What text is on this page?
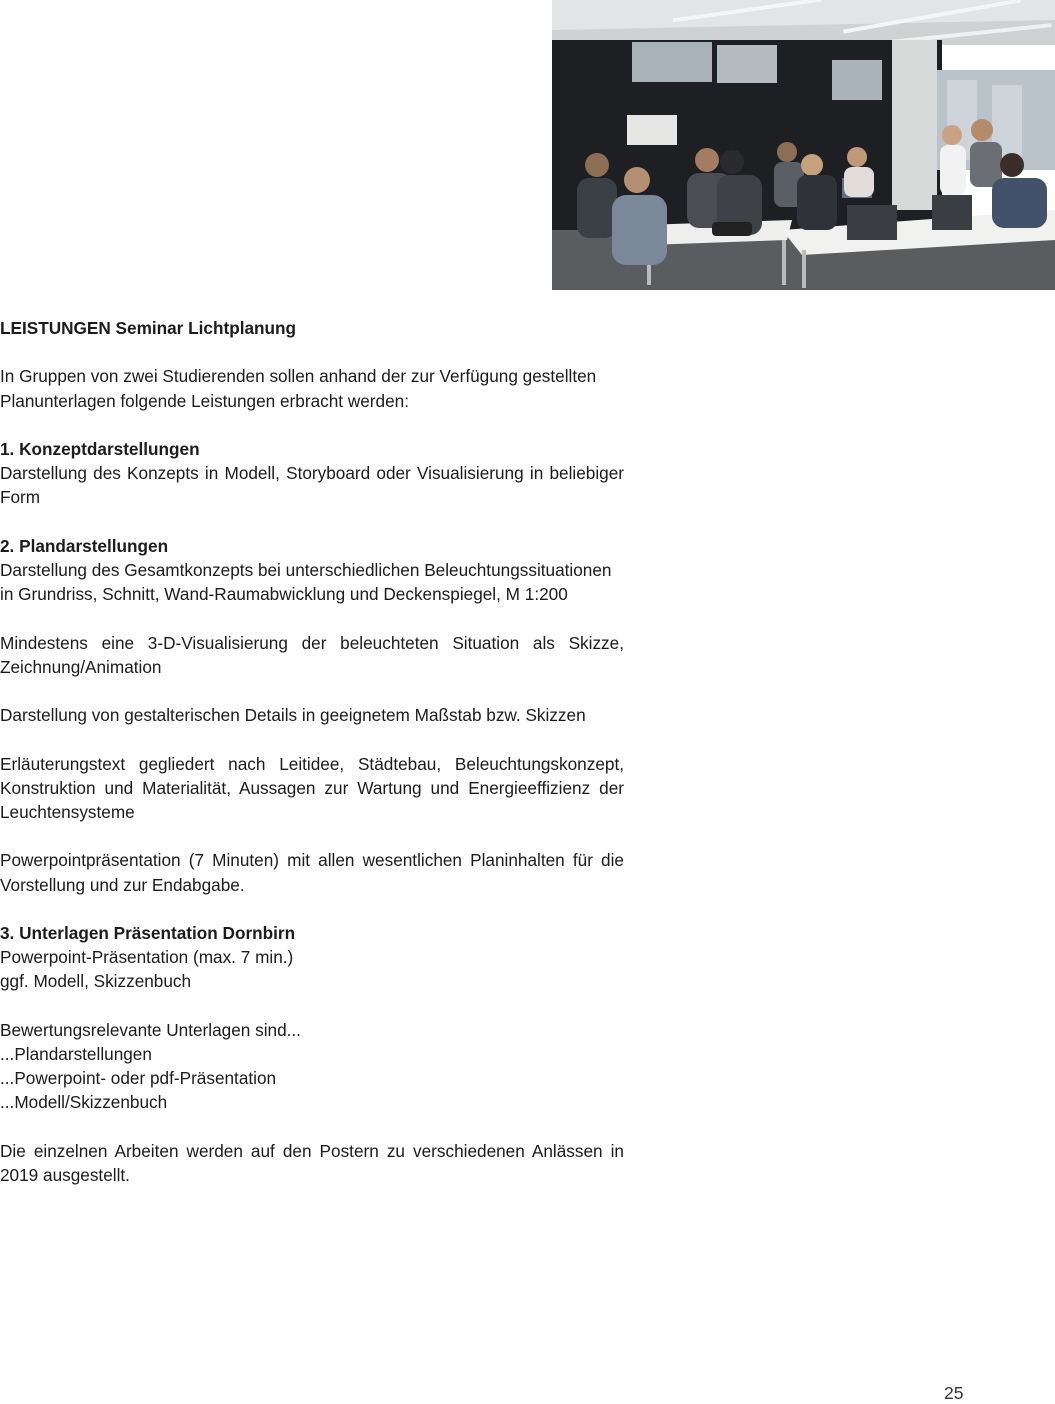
LEISTUNGEN Seminar Lichtplanung

In Gruppen von zwei Studierenden sollen anhand der zur Verfügung gestellten Planunterlagen folgende Leistungen erbracht werden:

1. Konzeptdarstellungen
Darstellung des Konzepts in Modell, Storyboard oder Visualisierung in beliebiger Form

2. Plandarstellungen
Darstellung des Gesamtkonzepts bei unterschiedlichen Beleuchtungssituationen in Grundriss, Schnitt, Wand-Raumabwicklung und Deckenspiegel, M 1:200

Mindestens eine 3-D-Visualisierung der beleuchteten Situation als Skizze, Zeichnung/Animation

Darstellung von gestalterischen Details in geeignetem Maßstab bzw. Skizzen

Erläuterungstext gegliedert nach Leitidee, Städtebau, Beleuchtungskonzept, Konstruktion und Materialität, Aussagen zur Wartung und Energieeffizienz der Leuchtensysteme

Powerpointpräsentation (7 Minuten) mit allen wesentlichen Planinhalten für die Vorstellung und zur Endabgabe.

3. Unterlagen Präsentation Dornbirn
Powerpoint-Präsentation (max. 7 min.)
ggf. Modell, Skizzenbuch

Bewertungsrelevante Unterlagen sind...
...Plandarstellungen
...Powerpoint- oder pdf-Präsentation
...Modell/Skizzenbuch

Die einzelnen Arbeiten werden auf den Postern zu verschiedenen Anlässen in 2019 ausgestellt.

25
